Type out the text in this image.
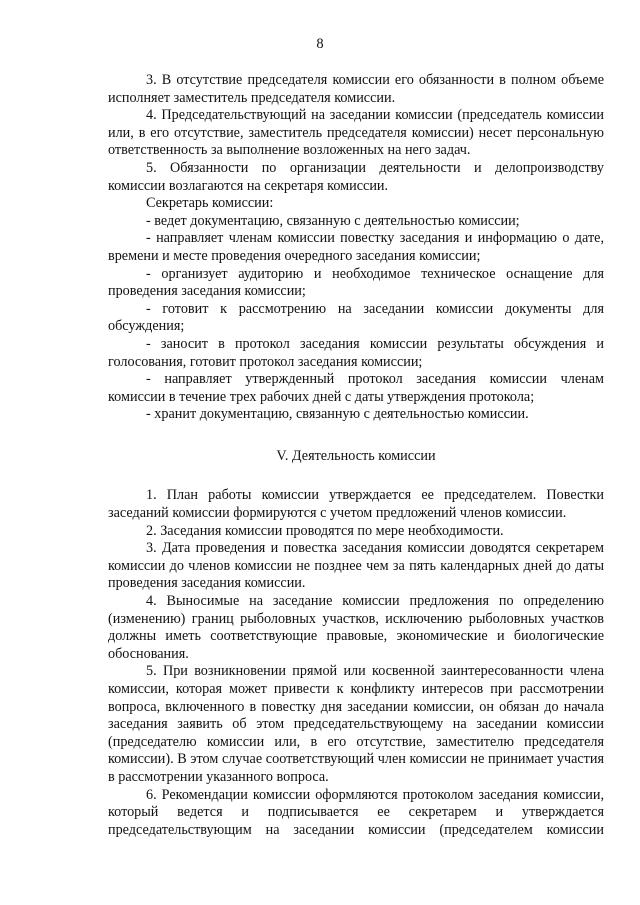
8

3. В отсутствие председателя комиссии его обязанности в полном объеме исполняет заместитель председателя комиссии.

4. Председательствующий на заседании комиссии (председатель комиссии или, в его отсутствие, заместитель председателя комиссии) несет персональную ответственность за выполнение возложенных на него задач.

5. Обязанности по организации деятельности и делопроизводству комиссии возлагаются на секретаря комиссии.

Секретарь комиссии:

- ведет документацию, связанную с деятельностью комиссии;

- направляет членам комиссии повестку заседания и информацию о дате, времени и месте проведения очередного заседания комиссии;

- организует аудиторию и необходимое техническое оснащение для проведения заседания комиссии;

- готовит к рассмотрению на заседании комиссии документы для обсуждения;

- заносит в протокол заседания комиссии результаты обсуждения и голосования, готовит протокол заседания комиссии;

- направляет утвержденный протокол заседания комиссии членам комиссии в течение трех рабочих дней с даты утверждения протокола;

- хранит документацию, связанную с деятельностью комиссии.

V. Деятельность комиссии

1. План работы комиссии утверждается ее председателем. Повестки заседаний комиссии формируются с учетом предложений членов комиссии.

2. Заседания комиссии проводятся по мере необходимости.

3. Дата проведения и повестка заседания комиссии доводятся секретарем комиссии до членов комиссии не позднее чем за пять календарных дней до даты проведения заседания комиссии.

4. Выносимые на заседание комиссии предложения по определению (изменению) границ рыболовных участков, исключению рыболовных участков должны иметь соответствующие правовые, экономические и биологические обоснования.

5. При возникновении прямой или косвенной заинтересованности члена комиссии, которая может привести к конфликту интересов при рассмотрении вопроса, включенного в повестку дня заседании комиссии, он обязан до начала заседания заявить об этом председательствующему на заседании комиссии (председателю комиссии или, в его отсутствие, заместителю председателя комиссии). В этом случае соответствующий член комиссии не принимает участия в рассмотрении указанного вопроса.

6. Рекомендации комиссии оформляются протоколом заседания комиссии, который ведется и подписывается ее секретарем и утверждается председательствующим на заседании комиссии (председателем комиссии
